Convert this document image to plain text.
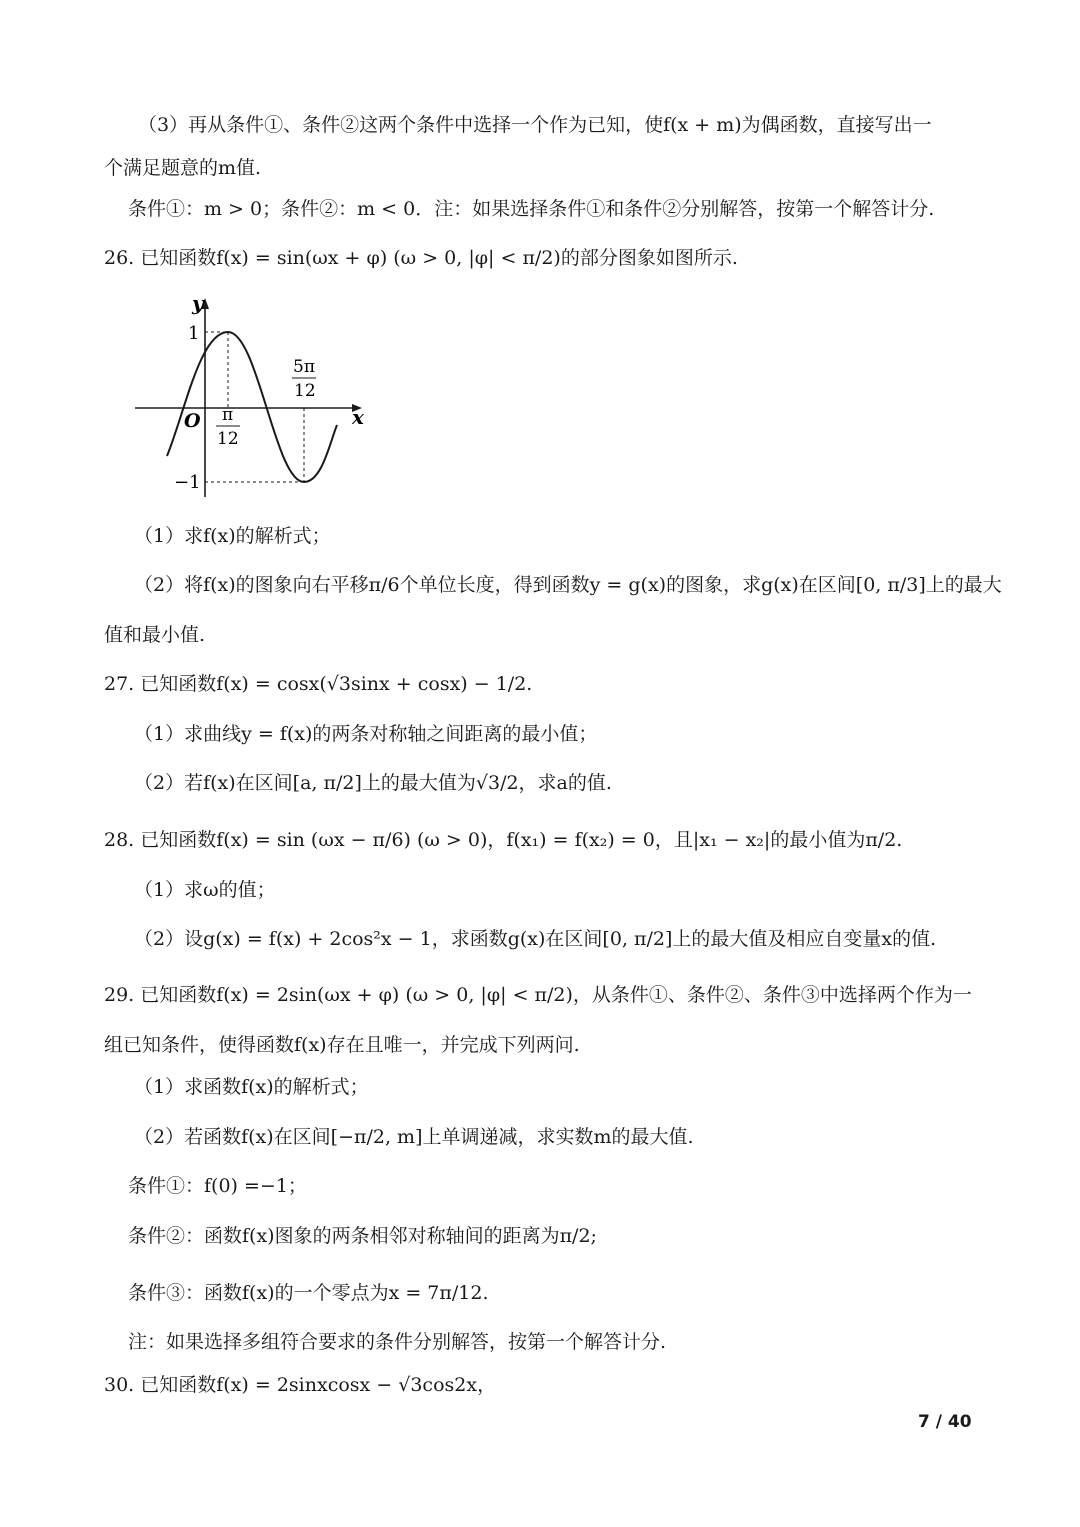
（3）再从条件①、条件②这两个条件中选择一个作为已知，使f(x + m)为偶函数，直接写出一
个满足题意的m值.
条件①：m > 0；条件②：m < 0．注：如果选择条件①和条件②分别解答，按第一个解答计分.
26. 已知函数f(x) = sin(ωx + φ) (ω > 0, |φ| < π/2)的部分图象如图所示.
y
x
O
1
−1
π
12
5π
12
（1）求f(x)的解析式；
（2）将f(x)的图象向右平移π/6个单位长度，得到函数y = g(x)的图象，求g(x)在区间[0, π/3]上的最大
值和最小值.
27. 已知函数f(x) = cosx(√3sinx + cosx) − 1/2.
（1）求曲线y = f(x)的两条对称轴之间距离的最小值；
（2）若f(x)在区间[a, π/2]上的最大值为√3/2，求a的值.
28. 已知函数f(x) = sin (ωx − π/6) (ω > 0)，f(x₁) = f(x₂) = 0，且|x₁ − x₂|的最小值为π/2.
（1）求ω的值；
（2）设g(x) = f(x) + 2cos²x − 1，求函数g(x)在区间[0, π/2]上的最大值及相应自变量x的值.
29. 已知函数f(x) = 2sin(ωx + φ) (ω > 0, |φ| < π/2)，从条件①、条件②、条件③中选择两个作为一
组已知条件，使得函数f(x)存在且唯一，并完成下列两问.
（1）求函数f(x)的解析式；
（2）若函数f(x)在区间[−π/2, m]上单调递减，求实数m的最大值.
条件①：f(0) =−1；
条件②：函数f(x)图象的两条相邻对称轴间的距离为π/2;
条件③：函数f(x)的一个零点为x = 7π/12.
注：如果选择多组符合要求的条件分别解答，按第一个解答计分.
30. 已知函数f(x) = 2sinxcosx − √3cos2x，
7 / 40
